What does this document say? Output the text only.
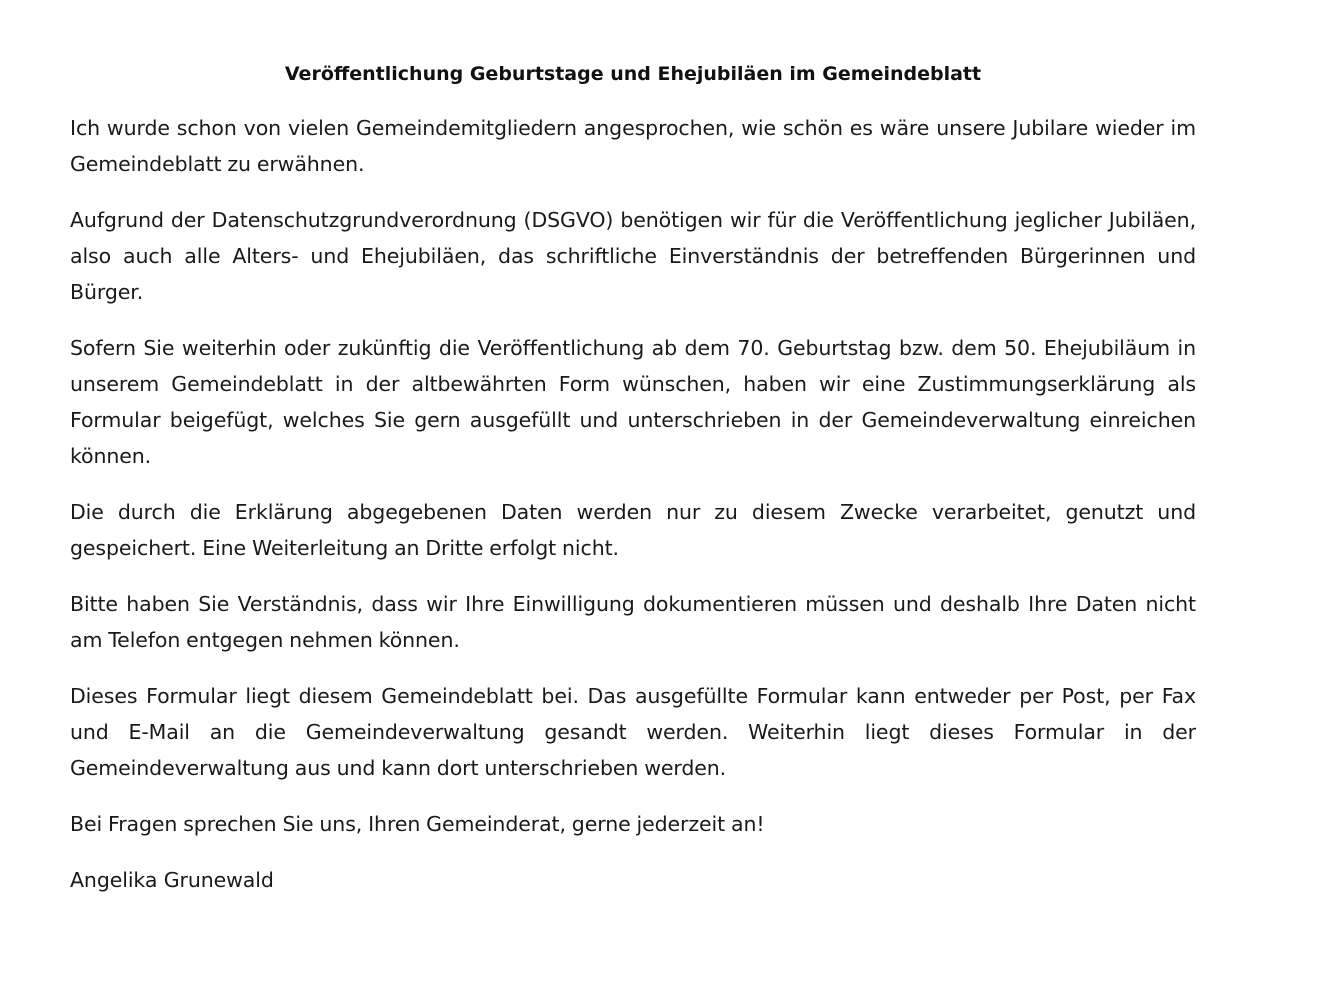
Veröffentlichung Geburtstage und Ehejubiläen im Gemeindeblatt

Ich wurde schon von vielen Gemeindemitgliedern angesprochen, wie schön es wäre unsere Jubilare wieder im Gemeindeblatt zu erwähnen.

Aufgrund der Datenschutzgrundverordnung (DSGVO) benötigen wir für die Veröffentlichung jeglicher Jubiläen, also auch alle Alters- und Ehejubiläen, das schriftliche Einverständnis der betreffenden Bürgerinnen und Bürger.

Sofern Sie weiterhin oder zukünftig die Veröffentlichung ab dem 70. Geburtstag bzw. dem 50. Ehejubiläum in unserem Gemeindeblatt in der altbewährten Form wünschen, haben wir eine Zustimmungserklärung als Formular beigefügt, welches Sie gern ausgefüllt und unterschrieben in der Gemeindeverwaltung einreichen können.

Die durch die Erklärung abgegebenen Daten werden nur zu diesem Zwecke verarbeitet, genutzt und gespeichert. Eine Weiterleitung an Dritte erfolgt nicht.

Bitte haben Sie Verständnis, dass wir Ihre Einwilligung dokumentieren müssen und deshalb Ihre Daten nicht am Telefon entgegen nehmen können.

Dieses Formular liegt diesem Gemeindeblatt bei. Das ausgefüllte Formular kann entweder per Post, per Fax und E-Mail an die Gemeindeverwaltung gesandt werden. Weiterhin liegt dieses Formular in der Gemeindeverwaltung aus und kann dort unterschrieben werden.

Bei Fragen sprechen Sie uns, Ihren Gemeinderat, gerne jederzeit an!

Angelika Grunewald
